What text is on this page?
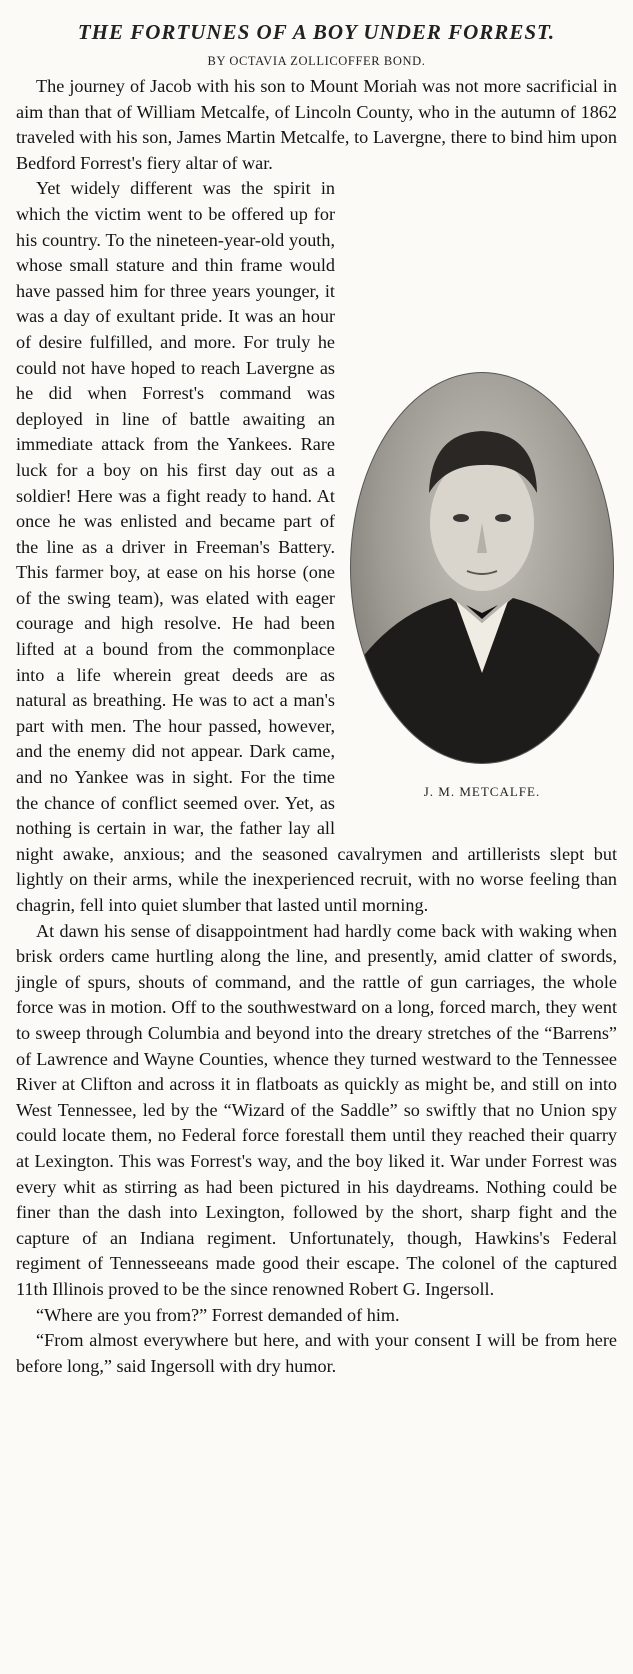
THE FORTUNES OF A BOY UNDER FORREST.
BY OCTAVIA ZOLLICOFFER BOND.

The journey of Jacob with his son to Mount Moriah was not more sacrificial in aim than that of William Metcalfe, of Lincoln County, who in the autumn of 1862 traveled with his son, James Martin Metcalfe, to Lavergne, there to bind him upon Bedford Forrest's fiery altar of war.

J. M. METCALFE.

Yet widely different was the spirit in which the victim went to be offered up for his country. To the nineteen-year-old youth, whose small stature and thin frame would have passed him for three years younger, it was a day of exultant pride. It was an hour of desire fulfilled, and more. For truly he could not have hoped to reach Lavergne as he did when Forrest's command was deployed in line of battle awaiting an immediate attack from the Yankees. Rare luck for a boy on his first day out as a soldier! Here was a fight ready to hand. At once he was enlisted and became part of the line as a driver in Freeman's Battery. This farmer boy, at ease on his horse (one of the swing team), was elated with eager courage and high resolve. He had been lifted at a bound from the commonplace into a life wherein great deeds are as natural as breathing. He was to act a man's part with men. The hour passed, however, and the enemy did not appear. Dark came, and no Yankee was in sight. For the time the chance of conflict seemed over. Yet, as nothing is certain in war, the father lay all night awake, anxious; and the seasoned cavalrymen and artillerists slept but lightly on their arms, while the inexperienced recruit, with no worse feeling than chagrin, fell into quiet slumber that lasted until morning.

At dawn his sense of disappointment had hardly come back with waking when brisk orders came hurtling along the line, and presently, amid clatter of swords, jingle of spurs, shouts of command, and the rattle of gun carriages, the whole force was in motion. Off to the southwestward on a long, forced march, they went to sweep through Columbia and beyond into the dreary stretches of the “Barrens” of Lawrence and Wayne Counties, whence they turned westward to the Tennessee River at Clifton and across it in flatboats as quickly as might be, and still on into West Tennessee, led by the “Wizard of the Saddle” so swiftly that no Union spy could locate them, no Federal force forestall them until they reached their quarry at Lexington. This was Forrest's way, and the boy liked it. War under Forrest was every whit as stirring as had been pictured in his daydreams. Nothing could be finer than the dash into Lexington, followed by the short, sharp fight and the capture of an Indiana regiment. Unfortunately, though, Hawkins's Federal regiment of Tennesseeans made good their escape. The colonel of the captured 11th Illinois proved to be the since renowned Robert G. Ingersoll.

“Where are you from?” Forrest demanded of him.

“From almost everywhere but here, and with your consent I will be from here before long,” said Ingersoll with dry humor.
